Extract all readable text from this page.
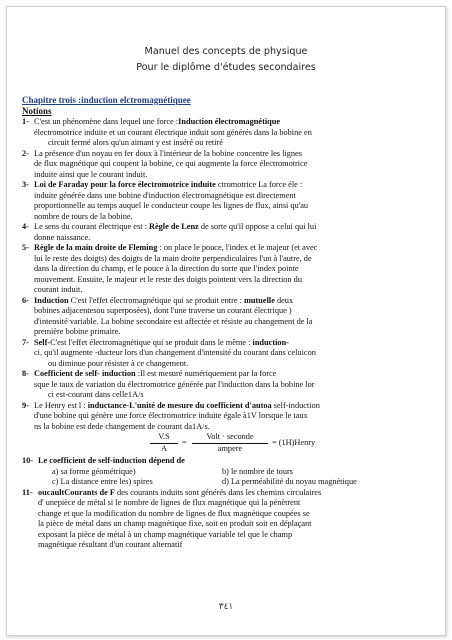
Manuel des concepts de physique
Pour le diplôme d'études secondaires
Chapitre trois :induction elctromagnétiquee
Notions
1- C'est un phénomène dans lequel une force :Induction électromagnétique
électromotrice induite et un courant électrique induit sont générés dans la bobine en
circuit fermé alors qu'un aimant y est inséré ou retiré
2- La présence d'un noyau en fer doux à l'intérieur de la bobine concentre les lignes
de flux magnétique qui coupent la bobine, ce qui augmente la force électromotrice
induite ainsi que le courant induit.
3- Loi de Faraday pour la force électromotrice induite ctromotrice La force éle :
induite générée dans une bobine d'induction électromagnétique est directement
proportionnelle au temps auquel le conducteur coupe les lignes de flux, ainsi qu'au
nombre de tours de la bobine.
4- Le sens du courant électrique est : Règle de Lenz de sorte qu'il oppose a celui qui lui
donne naissance.
5- Règle de la main droite de Fleming : on place le pouce, l'index et le majeur (et avec
lui le reste des doigts) des doigts de la main droite perpendiculaires l'un à l'autre, de
dans la direction du champ, et le pouce à la direction du sorte que l'index pointe
mouvement. Ensuite, le majeur et le reste des doigts pointent vers la direction du
courant induit.
6- Induction C'est l'effet électromagnétique qui se produit entre : mutuelle deux
bobines adjacentesou superposées), dont l'une traverse un courant électrique )
d'intensité variable. La bobine secondaire est affectée et résiste au changement de la
première bobine primaire.
7- Self-C'est l'effet électromagnétique qui se produit dans le même : induction-
ci, qu'il augmente -ducteur lors d'un changement d'intensité du courant dans celuicon
ou diminue pour résister à ce changement.
8- Coefficient de self- induction :Il est mesuré numériquement par la force
sque le taux de variation du électromotrice générée par l'induction dans la bobine lor
ci est-courant dans celle1A/s
9- Le Henry est l : inductance-L'unité de mesure du coefficient d'autoa self-induction
d'une bobine qui génère une force électromotrice induite égale à1V lorsque le taux
ns la bobine est dede changement de courant da1A/s.
$\frac{V.S}{A}$ =
Volt · seconde
ampere
= (1H)Henry
10- Le coefficient de self-induction dépend de
a) sa forme géométrique)	b) le nombre de tours
c) La distance entre les) spires	d) La perméabilité du noyau magnétique
11- oucaultCourants de F des courants induits sont générés dans les chemins circulaires
d' unepièce de métal si le nombre de lignes de flux magnétique qui la pénètrent
change et que la modification du nombre de lignes de flux magnétique coupées se
la pièce de métal dans un champ magnétique fixe, soit en produit soit en déplaçant
exposant la pièce de métal à un champ magnétique variable tel que le champ
magnétique résultant d'un courant alternatif
٣٤١
